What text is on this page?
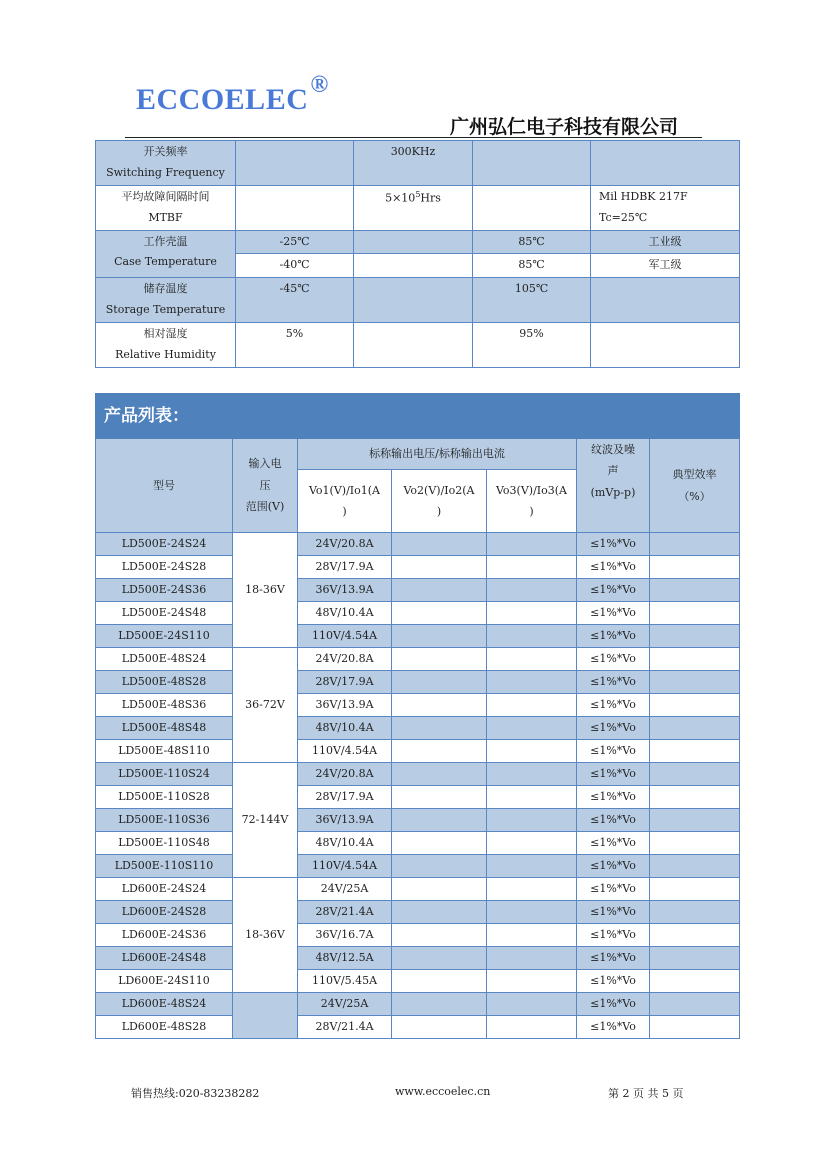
ECCOELEC®
广州弘仁电子科技有限公司
开关频率
Switching Frequency		300KHz		
平均故障间隔时间
MTBF		$5\times 10^5Hrs$		Mil HDBK 217F Tc=25℃
工作壳温
Case Temperature	-25℃		85℃	工业级
	-40℃		85℃	军工级
储存温度
Storage Temperature	-45℃		105℃	
相对湿度
Relative Humidity	5%		95%	
产品列表：						
型号	输入电
压
范围(V)	标称输出电压/标称输出电流			纹波及噪
声
(mVp-p)	典型效率
（%）
		Vo1(V)/Io1(A
)	Vo2(V)/Io2(A
)	Vo3(V)/Io3(A
)		
LD500E-24S24	18-36V	24V/20.8A			≤1%*Vo	
LD500E-24S28		28V/17.9A			≤1%*Vo	
LD500E-24S36		36V/13.9A			≤1%*Vo	
LD500E-24S48		48V/10.4A			≤1%*Vo	
LD500E-24S110		110V/4.54A			≤1%*Vo	
LD500E-48S24	36-72V	24V/20.8A			≤1%*Vo	
LD500E-48S28		28V/17.9A			≤1%*Vo	
LD500E-48S36		36V/13.9A			≤1%*Vo	
LD500E-48S48		48V/10.4A			≤1%*Vo	
LD500E-48S110		110V/4.54A			≤1%*Vo	
LD500E-110S24	72-144V	24V/20.8A			≤1%*Vo	
LD500E-110S28		28V/17.9A			≤1%*Vo	
LD500E-110S36		36V/13.9A			≤1%*Vo	
LD500E-110S48		48V/10.4A			≤1%*Vo	
LD500E-110S110		110V/4.54A			≤1%*Vo	
LD600E-24S24	18-36V	24V/25A			≤1%*Vo	
LD600E-24S28		28V/21.4A			≤1%*Vo	
LD600E-24S36		36V/16.7A			≤1%*Vo	
LD600E-24S48		48V/12.5A			≤1%*Vo	
LD600E-24S110		110V/5.45A			≤1%*Vo	
LD600E-48S24		24V/25A			≤1%*Vo	
LD600E-48S28		28V/21.4A			≤1%*Vo	
销售热线:020-83238282	www.eccoelec.cn	第 2 页 共 5 页
